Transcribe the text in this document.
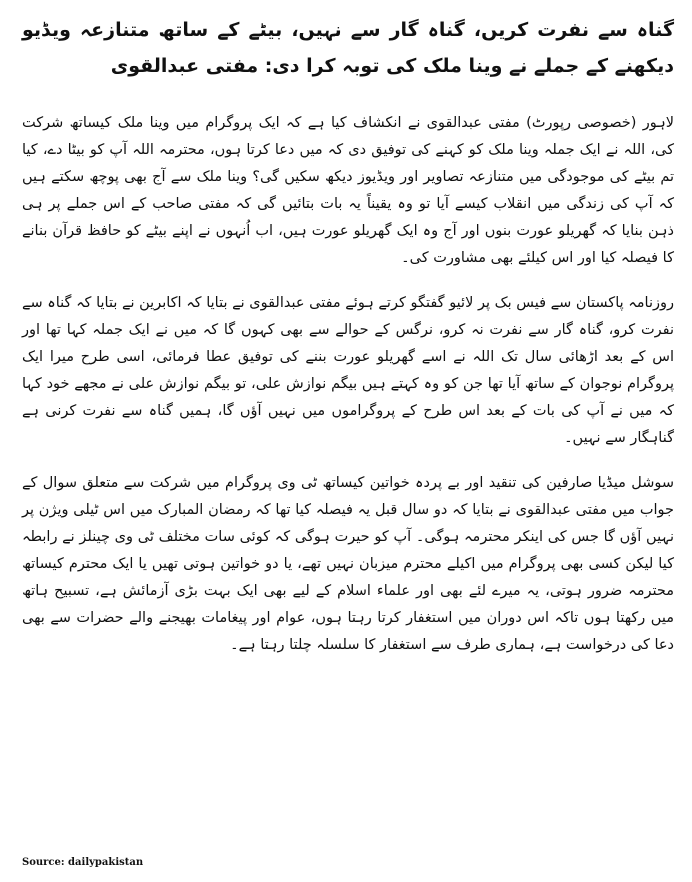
گناہ سے نفرت کریں، گناہ گار سے نہیں، بیٹے کے ساتھ متنازعہ ویڈیو دیکھنے کے جملے نے وینا ملک کی توبہ کرا دی: مفتی عبدالقوی

لاہور (خصوصی رپورٹ) مفتی عبدالقوی نے انکشاف کیا ہے کہ ایک پروگرام میں وینا ملک کیساتھ شرکت کی، اللہ نے ایک جملہ وینا ملک کو کہنے کی توفیق دی کہ میں دعا کرتا ہوں، محترمہ اللہ آپ کو بیٹا دے، کیا تم بیٹے کی موجودگی میں متنازعہ تصاویر اور ویڈیوز دیکھ سکیں گی؟ وینا ملک سے آج بھی پوچھ سکتے ہیں کہ آپ کی زندگی میں انقلاب کیسے آیا تو وہ یقیناً یہ بات بتائیں گی کہ مفتی صاحب کے اس جملے پر ہی ذہن بنایا کہ گھریلو عورت بنوں اور آج وہ ایک گھریلو عورت ہیں، اب اُنہوں نے اپنے بیٹے کو حافظ قرآن بنانے کا فیصلہ کیا اور اس کیلئے بھی مشاورت کی۔

روزنامہ پاکستان سے فیس بک پر لائیو گفتگو کرتے ہوئے مفتی عبدالقوی نے بتایا کہ اکابرین نے بتایا کہ گناہ سے نفرت کرو، گناہ گار سے نفرت نہ کرو، نرگس کے حوالے سے بھی کہوں گا کہ میں نے ایک جملہ کہا تھا اور اس کے بعد اڑھائی سال تک اللہ نے اسے گھریلو عورت بننے کی توفیق عطا فرمائی، اسی طرح میرا ایک پروگرام نوجوان کے ساتھ آیا تھا جن کو وہ کہتے ہیں بیگم نوازش علی، تو بیگم نوازش علی نے مجھے خود کہا کہ میں نے آپ کی بات کے بعد اس طرح کے پروگراموں میں نہیں آؤں گا، ہمیں گناہ سے نفرت کرنی ہے گناہگار سے نہیں۔

سوشل میڈیا صارفین کی تنقید اور بے پردہ خواتین کیساتھ ٹی وی پروگرام میں شرکت سے متعلق سوال کے جواب میں مفتی عبدالقوی نے بتایا کہ دو سال قبل یہ فیصلہ کیا تھا کہ رمضان المبارک میں اس ٹیلی ویژن پر نہیں آؤں گا جس کی اینکر محترمہ ہوگی۔ آپ کو حیرت ہوگی کہ کوئی سات مختلف ٹی وی چینلز نے رابطہ کیا لیکن کسی بھی پروگرام میں اکیلے محترم میزبان نہیں تھے، یا دو خواتین ہوتی تھیں یا ایک محترم کیساتھ محترمہ ضرور ہوتی، یہ میرے لئے بھی اور علماء اسلام کے لیے بھی ایک بہت بڑی آزمائش ہے، تسبیح ہاتھ میں رکھتا ہوں تاکہ اس دوران میں استغفار کرتا رہتا ہوں، عوام اور پیغامات بھیجنے والے حضرات سے بھی دعا کی درخواست ہے، ہماری طرف سے استغفار کا سلسلہ چلتا رہتا ہے۔

Source: dailypakistan
